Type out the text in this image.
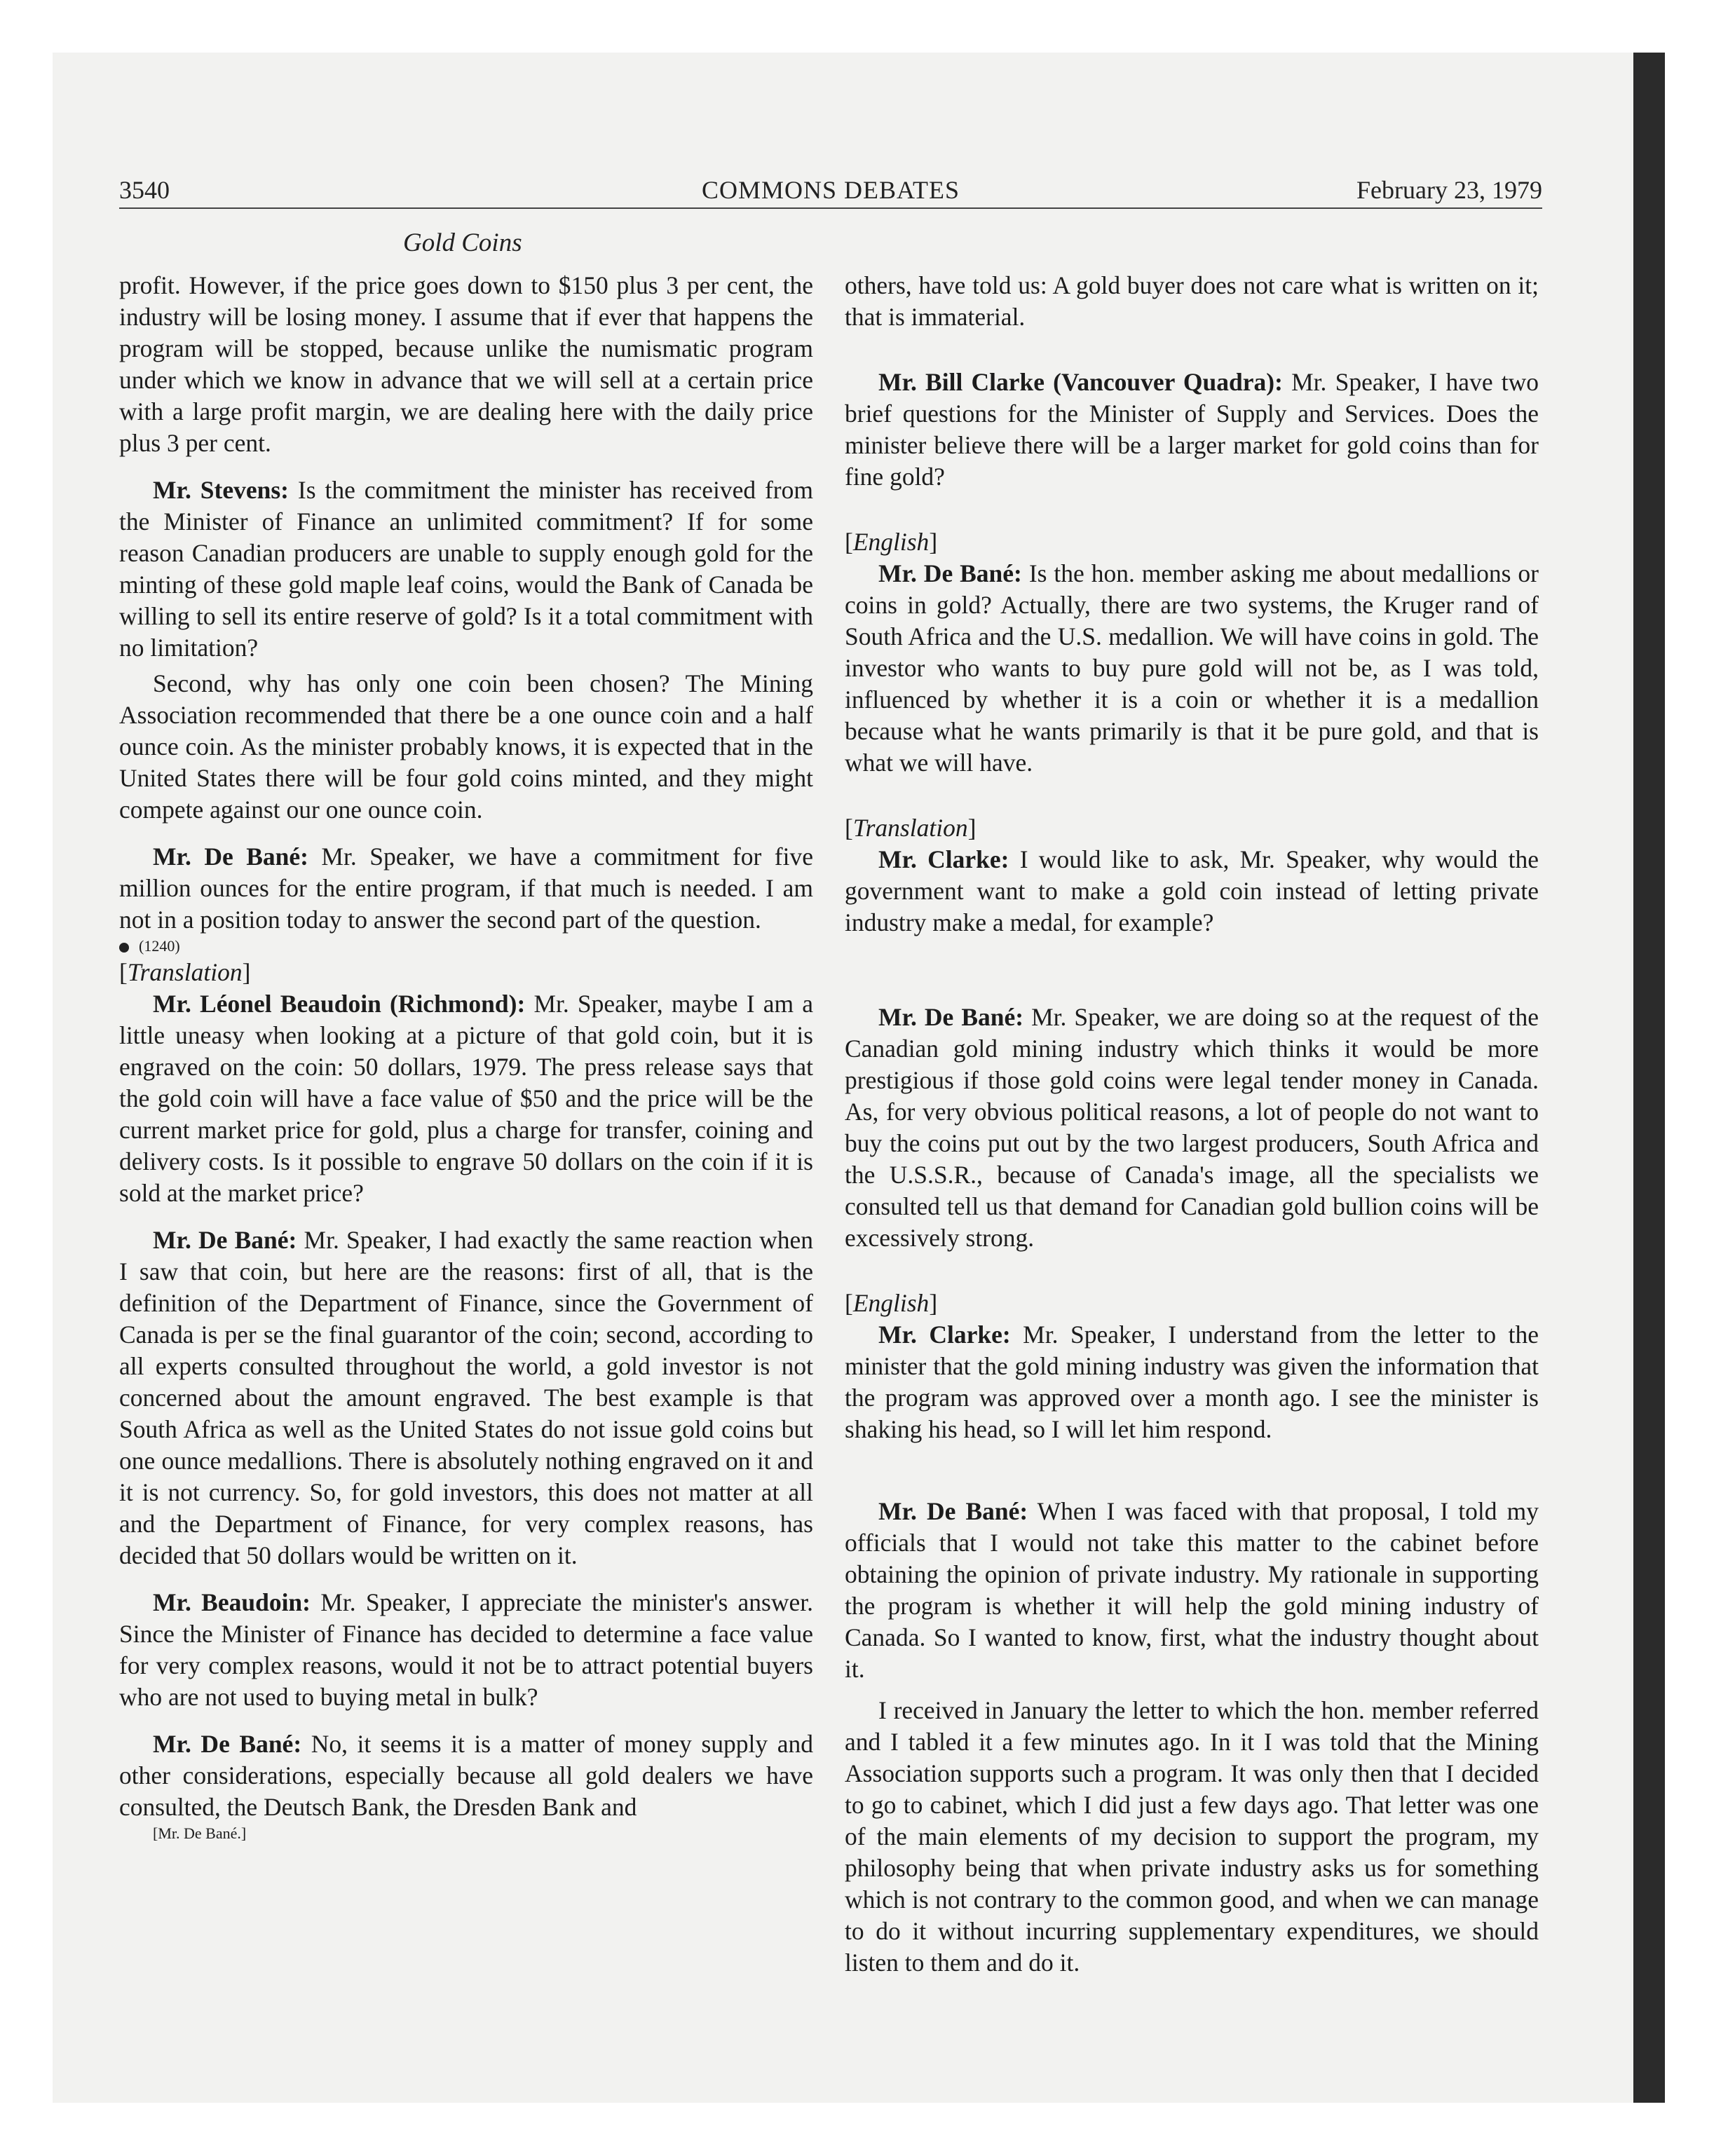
3540	COMMONS DEBATES	February 23, 1979
Gold Coins

profit. However, if the price goes down to $150 plus 3 per cent, the industry will be losing money. I assume that if ever that happens the program will be stopped, because unlike the numismatic program under which we know in advance that we will sell at a certain price with a large profit margin, we are dealing here with the daily price plus 3 per cent.

Mr. Stevens: Is the commitment the minister has received from the Minister of Finance an unlimited commitment? If for some reason Canadian producers are unable to supply enough gold for the minting of these gold maple leaf coins, would the Bank of Canada be willing to sell its entire reserve of gold? Is it a total commitment with no limitation?

Second, why has only one coin been chosen? The Mining Association recommended that there be a one ounce coin and a half ounce coin. As the minister probably knows, it is expected that in the United States there will be four gold coins minted, and they might compete against our one ounce coin.

Mr. De Bané: Mr. Speaker, we have a commitment for five million ounces for the entire program, if that much is needed. I am not in a position today to answer the second part of the question.

(1240)

[Translation]

Mr. Léonel Beaudoin (Richmond): Mr. Speaker, maybe I am a little uneasy when looking at a picture of that gold coin, but it is engraved on the coin: 50 dollars, 1979. The press release says that the gold coin will have a face value of $50 and the price will be the current market price for gold, plus a charge for transfer, coining and delivery costs. Is it possible to engrave 50 dollars on the coin if it is sold at the market price?

Mr. De Bané: Mr. Speaker, I had exactly the same reaction when I saw that coin, but here are the reasons: first of all, that is the definition of the Department of Finance, since the Government of Canada is per se the final guarantor of the coin; second, according to all experts consulted throughout the world, a gold investor is not concerned about the amount engraved. The best example is that South Africa as well as the United States do not issue gold coins but one ounce medallions. There is absolutely nothing engraved on it and it is not currency. So, for gold investors, this does not matter at all and the Department of Finance, for very complex reasons, has decided that 50 dollars would be written on it.

Mr. Beaudoin: Mr. Speaker, I appreciate the minister's answer. Since the Minister of Finance has decided to determine a face value for very complex reasons, would it not be to attract potential buyers who are not used to buying metal in bulk?

Mr. De Bané: No, it seems it is a matter of money supply and other considerations, especially because all gold dealers we have consulted, the Deutsch Bank, the Dresden Bank and

[Mr. De Bané.]

others, have told us: A gold buyer does not care what is written on it; that is immaterial.

Mr. Bill Clarke (Vancouver Quadra): Mr. Speaker, I have two brief questions for the Minister of Supply and Services. Does the minister believe there will be a larger market for gold coins than for fine gold?

[English]

Mr. De Bané: Is the hon. member asking me about medallions or coins in gold? Actually, there are two systems, the Kruger rand of South Africa and the U.S. medallion. We will have coins in gold. The investor who wants to buy pure gold will not be, as I was told, influenced by whether it is a coin or whether it is a medallion because what he wants primarily is that it be pure gold, and that is what we will have.

[Translation]

Mr. Clarke: I would like to ask, Mr. Speaker, why would the government want to make a gold coin instead of letting private industry make a medal, for example?

Mr. De Bané: Mr. Speaker, we are doing so at the request of the Canadian gold mining industry which thinks it would be more prestigious if those gold coins were legal tender money in Canada. As, for very obvious political reasons, a lot of people do not want to buy the coins put out by the two largest producers, South Africa and the U.S.S.R., because of Canada's image, all the specialists we consulted tell us that demand for Canadian gold bullion coins will be excessively strong.

[English]

Mr. Clarke: Mr. Speaker, I understand from the letter to the minister that the gold mining industry was given the information that the program was approved over a month ago. I see the minister is shaking his head, so I will let him respond.

Mr. De Bané: When I was faced with that proposal, I told my officials that I would not take this matter to the cabinet before obtaining the opinion of private industry. My rationale in supporting the program is whether it will help the gold mining industry of Canada. So I wanted to know, first, what the industry thought about it.

I received in January the letter to which the hon. member referred and I tabled it a few minutes ago. In it I was told that the Mining Association supports such a program. It was only then that I decided to go to cabinet, which I did just a few days ago. That letter was one of the main elements of my decision to support the program, my philosophy being that when private industry asks us for something which is not contrary to the common good, and when we can manage to do it without incurring supplementary expenditures, we should listen to them and do it.
